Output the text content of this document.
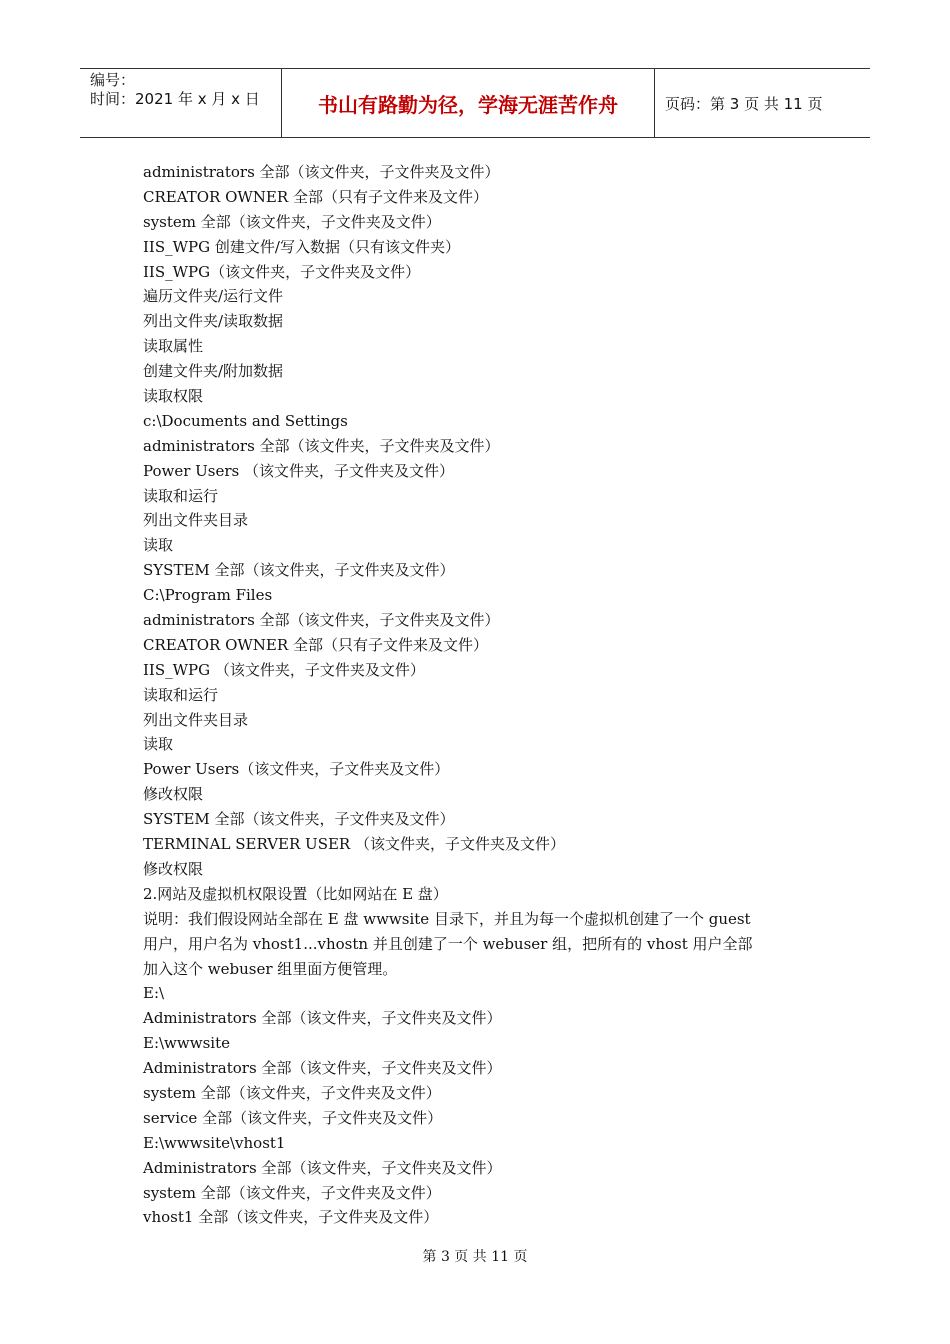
编号：
时间：2021 年 x 月 x 日	书山有路勤为径，学海无涯苦作舟	页码：第 3 页 共 11 页
administrators 全部（该文件夹，子文件夹及文件）
CREATOR OWNER 全部（只有子文件来及文件）
system 全部（该文件夹，子文件夹及文件）
IIS_WPG 创建文件/写入数据（只有该文件夹）
IIS_WPG（该文件夹，子文件夹及文件）
遍历文件夹/运行文件
列出文件夹/读取数据
读取属性
创建文件夹/附加数据
读取权限
c:\Documents and Settings
administrators 全部（该文件夹，子文件夹及文件）
Power Users （该文件夹，子文件夹及文件）
读取和运行
列出文件夹目录
读取
SYSTEM 全部（该文件夹，子文件夹及文件）
C:\Program Files
administrators 全部（该文件夹，子文件夹及文件）
CREATOR OWNER 全部（只有子文件来及文件）
IIS_WPG （该文件夹，子文件夹及文件）
读取和运行
列出文件夹目录
读取
Power Users（该文件夹，子文件夹及文件）
修改权限
SYSTEM 全部（该文件夹，子文件夹及文件）
TERMINAL SERVER USER （该文件夹，子文件夹及文件）
修改权限
2.网站及虚拟机权限设置（比如网站在 E 盘）
说明：我们假设网站全部在 E 盘 wwwsite 目录下，并且为每一个虚拟机创建了一个 guest
用户，用户名为 vhost1...vhostn 并且创建了一个 webuser 组，把所有的 vhost 用户全部
加入这个 webuser 组里面方便管理。
E:\
Administrators 全部（该文件夹，子文件夹及文件）
E:\wwwsite
Administrators 全部（该文件夹，子文件夹及文件）
system 全部（该文件夹，子文件夹及文件）
service 全部（该文件夹，子文件夹及文件）
E:\wwwsite\vhost1
Administrators 全部（该文件夹，子文件夹及文件）
system 全部（该文件夹，子文件夹及文件）
vhost1 全部（该文件夹，子文件夹及文件）
第 3 页 共 11 页
